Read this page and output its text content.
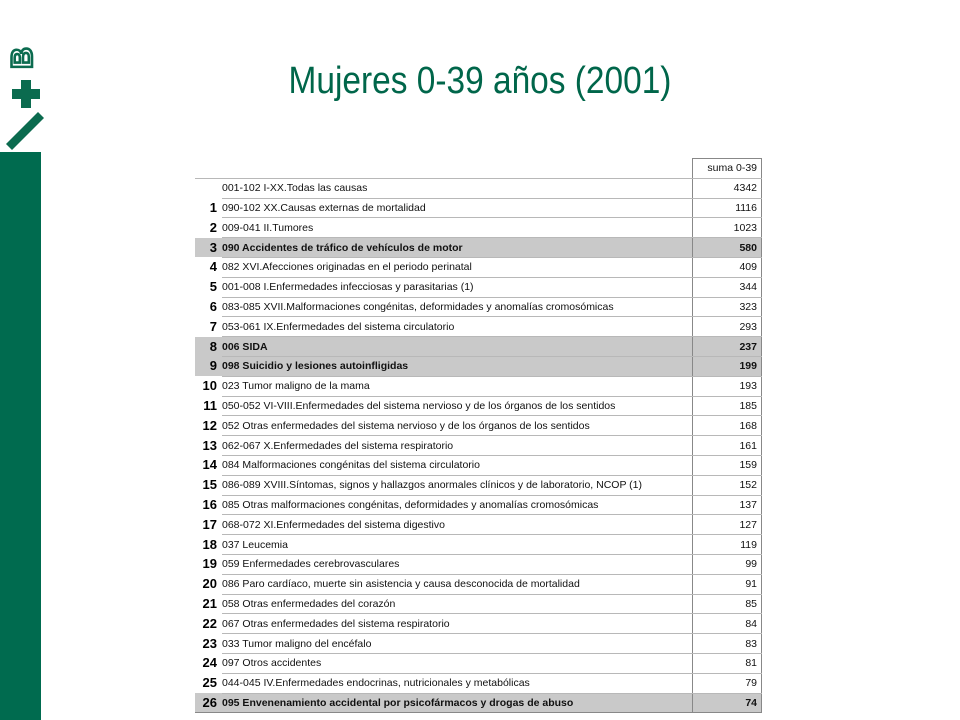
B
Mujeres 0-39 años (2001)
		suma 0-39
	001-102 I-XX.Todas las causas	4342
1	090-102 XX.Causas externas de mortalidad	1116
2	009-041 II.Tumores	1023
3	090 Accidentes de tráfico de vehículos de motor	580
4	082 XVI.Afecciones originadas en el periodo perinatal	409
5	001-008 I.Enfermedades infecciosas y parasitarias (1)	344
6	083-085 XVII.Malformaciones congénitas, deformidades y anomalías cromosómicas	323
7	053-061 IX.Enfermedades del sistema circulatorio	293
8	006 SIDA	237
9	098 Suicidio y lesiones autoinfligidas	199
10	023 Tumor maligno de la mama	193
11	050-052 VI-VIII.Enfermedades del sistema nervioso y de los órganos de los sentidos	185
12	052 Otras enfermedades del sistema nervioso y de los órganos de los sentidos	168
13	062-067 X.Enfermedades del sistema respiratorio	161
14	084 Malformaciones congénitas del sistema circulatorio	159
15	086-089 XVIII.Síntomas, signos y hallazgos anormales clínicos y de laboratorio, NCOP (1)	152
16	085 Otras malformaciones congénitas, deformidades y anomalías cromosómicas	137
17	068-072 XI.Enfermedades del sistema digestivo	127
18	037 Leucemia	119
19	059 Enfermedades cerebrovasculares	99
20	086 Paro cardíaco, muerte sin asistencia y causa desconocida de mortalidad	91
21	058 Otras enfermedades del corazón	85
22	067 Otras enfermedades del sistema respiratorio	84
23	033 Tumor maligno del encéfalo	83
24	097 Otros accidentes	81
25	044-045 IV.Enfermedades endocrinas, nutricionales y metabólicas	79
26	095 Envenenamiento accidental por psicofármacos y drogas de abuso	74
